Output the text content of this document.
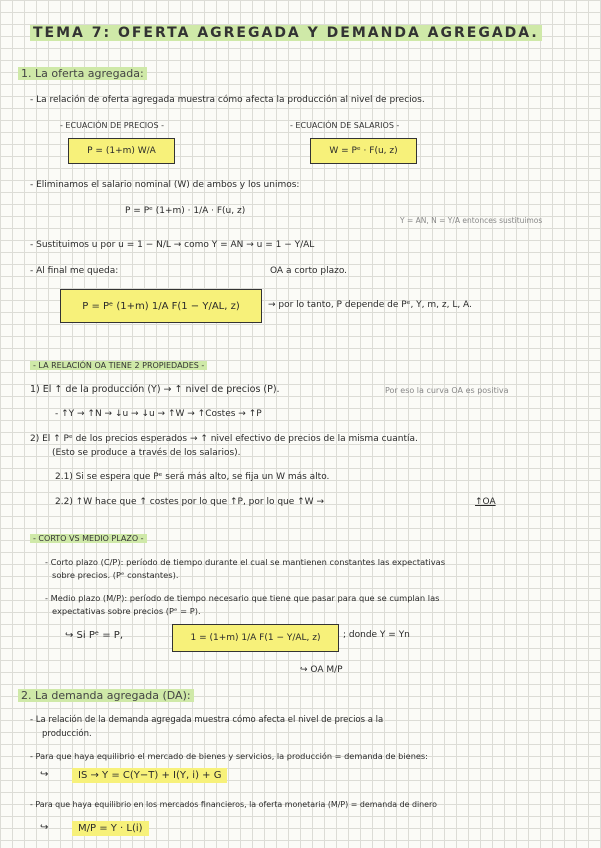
TEMA 7: OFERTA AGREGADA Y DEMANDA AGREGADA.
1. La oferta agregada:
- La relación de oferta agregada muestra cómo afecta la producción al nivel de precios.
- ECUACIÓN DE PRECIOS -	- ECUACIÓN DE SALARIOS -
P = (1+m) W/A	W = Pᵉ · F(u, z)
- Eliminamos el salario nominal (W) de ambos y los unimos:
P = Pᵉ (1+m) · 1/A · F(u, z)
Y = AN, N = Y/A entonces sustituimos
- Sustituimos u por u = 1 − N/L → como Y = AN → u = 1 − Y/AL
- Al final me queda:	OA a corto plazo.
P = Pᵉ (1+m) 1/A F(1 − Y/AL, z)	→ por lo tanto, P depende de Pᵉ, Y, m, z, L, A.
- LA RELACIÓN OA TIENE 2 PROPIEDADES -
1) El ↑ de la producción (Y) → ↑ nivel de precios (P).	Por eso la curva OA es positiva
- ↑Y → ↑N → ↓u → ↓u → ↑W → ↑Costes → ↑P
2) El ↑ Pᵉ de los precios esperados → ↑ nivel efectivo de precios de la misma cuantía.
(Esto se produce a través de los salarios).
2.1) Si se espera que Pᵉ será más alto, se fija un W más alto.
2.2) ↑W hace que ↑ costes por lo que ↑P, por lo que ↑W →	↑OA
- CORTO VS MEDIO PLAZO -
- Corto plazo (C/P): período de tiempo durante el cual se mantienen constantes las expectativas
sobre precios. (Pᵉ constantes).
- Medio plazo (M/P): período de tiempo necesario que tiene que pasar para que se cumplan las
expectativas sobre precios (Pᵉ = P).
↪ Si Pᵉ = P,	1 = (1+m) 1/A F(1 − Y/AL, z)	; donde Y = Yn
↪ OA M/P
2. La demanda agregada (DA):
- La relación de la demanda agregada muestra cómo afecta el nivel de precios a la
producción.
- Para que haya equilibrio el mercado de bienes y servicios, la producción = demanda de bienes:
↪	IS → Y = C(Y−T) + I(Y, i) + G
- Para que haya equilibrio en los mercados financieros, la oferta monetaria (M/P) = demanda de dinero
↪	M/P = Y · L(i)
